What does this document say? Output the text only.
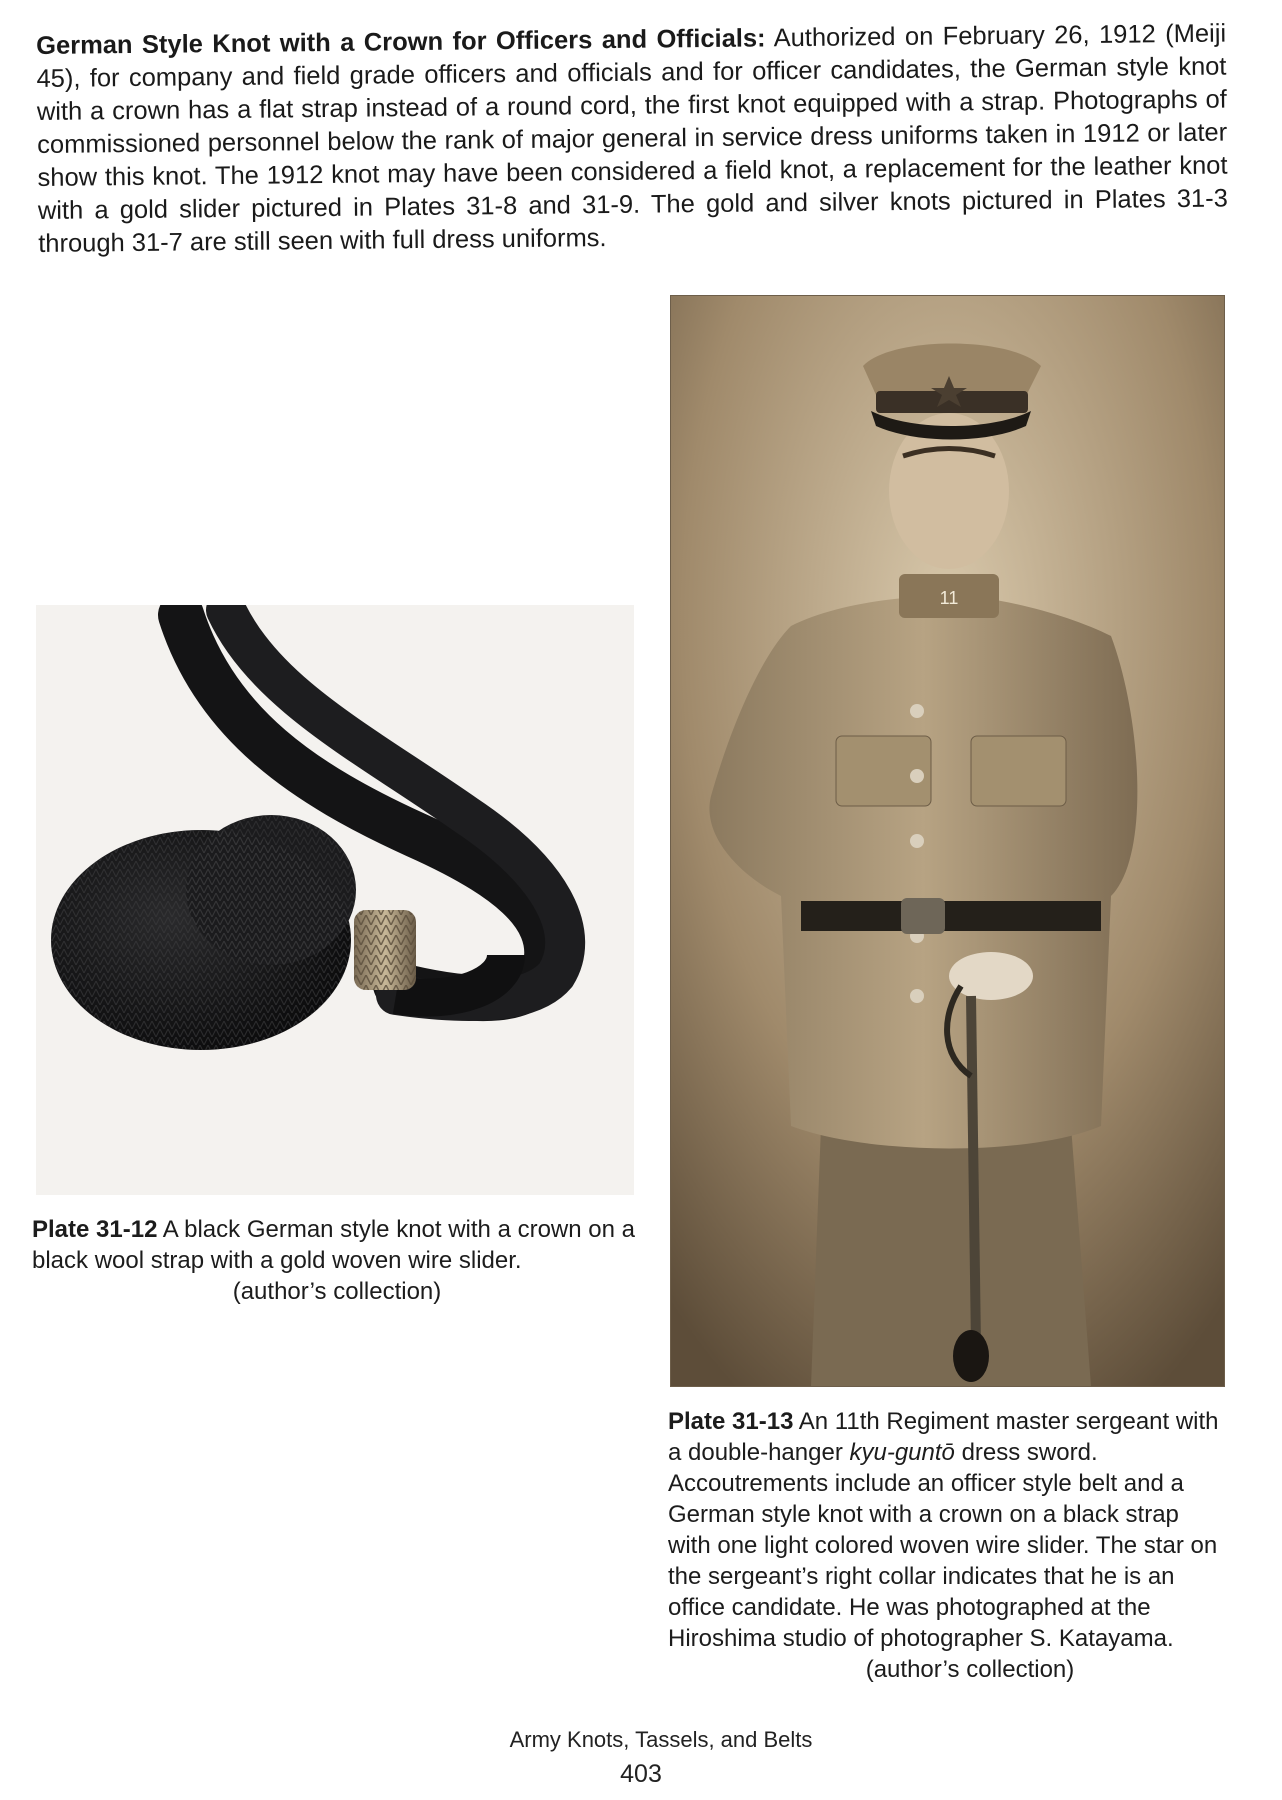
German Style Knot with a Crown for Officers and Officials: Authorized on February 26, 1912 (Meiji 45), for company and field grade officers and officials and for officer candidates, the German style knot with a crown has a flat strap instead of a round cord, the first knot equipped with a strap. Photographs of commissioned personnel below the rank of major general in service dress uniforms taken in 1912 or later show this knot. The 1912 knot may have been considered a field knot, a replacement for the leather knot with a gold slider pictured in Plates 31-8 and 31-9. The gold and silver knots pictured in Plates 31-3 through 31-7 are still seen with full dress uniforms.
11
Plate 31-12 A black German style knot with a crown on a black wool strap with a gold woven wire slider.
(author’s collection)
Plate 31-13 An 11th Regiment master sergeant with a double-hanger kyu-guntō dress sword. Accoutrements include an officer style belt and a German style knot with a crown on a black strap with one light colored woven wire slider. The star on the sergeant’s right collar indicates that he is an office candidate. He was photographed at the Hiroshima studio of photographer S. Katayama.
(author’s collection)
Army Knots, Tassels, and Belts
403
